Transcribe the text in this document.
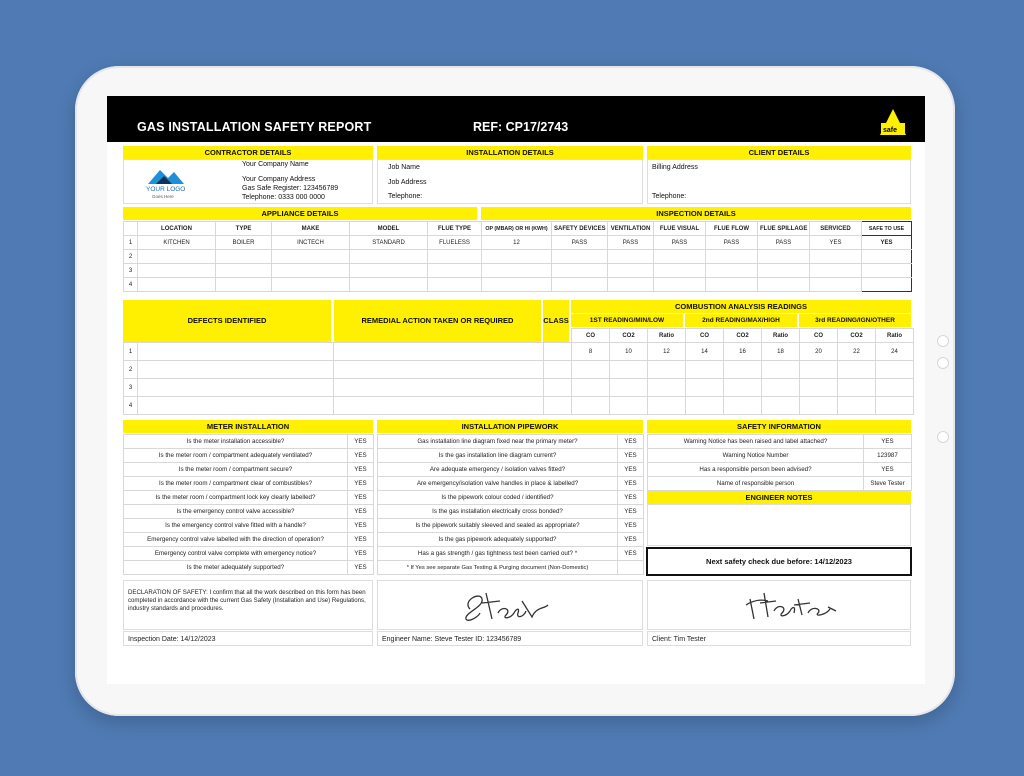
GAS INSTALLATION SAFETY REPORT	REF: CP17/2743	safe
CONTRACTOR DETAILS	INSTALLATION DETAILS	CLIENT DETAILS
YOUR LOGO
Goes Here
Your Company Name
Your Company Address
Gas Safe Register: 123456789
Telephone: 0333 000 0000
Job Name
Job Address
Telephone:
Billing Address
Telephone:
APPLIANCE DETAILS	INSPECTION DETAILS
	LOCATION	TYPE	MAKE	MODEL	FLUE TYPE	OP (MBAR) OR HI (KWH)	SAFETY DEVICES	VENTILATION	FLUE VISUAL	FLUE FLOW	FLUE SPILLAGE	SERVICED	SAFE TO USE
1	KITCHEN	BOILER	INCTECH	STANDARD	FLUELESS	12	PASS	PASS	PASS	PASS	PASS	YES	YES
2													
3													
4													
DEFECTS IDENTIFIED	REMEDIAL ACTION TAKEN OR REQUIRED	CLASS
COMBUSTION ANALYSIS READINGS
1ST READING/MIN/LOW	2nd READING/MAX/HIGH	3rd READING/IGN/OTHER
				CO	CO2	Ratio	CO	CO2	Ratio	CO	CO2	Ratio
1				8	10	12	14	16	18	20	22	24
2												
3												
4												
METER INSTALLATION	INSTALLATION PIPEWORK	SAFETY INFORMATION
Is the meter installation accessible?	YES
Is the meter room / compartment adequately ventilated?	YES
Is the meter room / compartment secure?	YES
Is the meter room / compartment clear of combustibles?	YES
Is the meter room / compartment lock key clearly labelled?	YES
Is the emergency control valve accessible?	YES
Is the emergency control valve fitted with a handle?	YES
Emergency control valve labelled with the direction of operation?	YES
Emergency control valve complete with emergency notice?	YES
Is the meter adequately supported?	YES
Gas installation line diagram fixed near the primary meter?	YES
Is the gas installation line diagram current?	YES
Are adequate emergency / isolation valves fitted?	YES
Are emergency/isolation valve handles in place & labelled?	YES
Is the pipework colour coded / identified?	YES
Is the gas installation electrically cross bonded?	YES
Is the pipework suitably sleeved and sealed as appropriate?	YES
Is the gas pipework adequately supported?	YES
Has a gas strength / gas tightness test been carried out? *	YES
* If Yes see separate Gas Testing & Purging document (Non-Domestic)	
Warning Notice has been raised and label attached?	YES
Warning Notice Number	123987
Has a responsible person been advised?	YES
Name of responsible person	Steve Tester
ENGINEER NOTES
Next safety check due before: 14/12/2023
DECLARATION OF SAFETY: I confirm that all the work described on this form has been completed in accordance with the current Gas Safety (Installation and Use) Regulations, industry standards and procedures.
Inspection Date: 14/12/2023	Engineer Name: Steve Tester ID: 123456789	Client: Tim Tester
